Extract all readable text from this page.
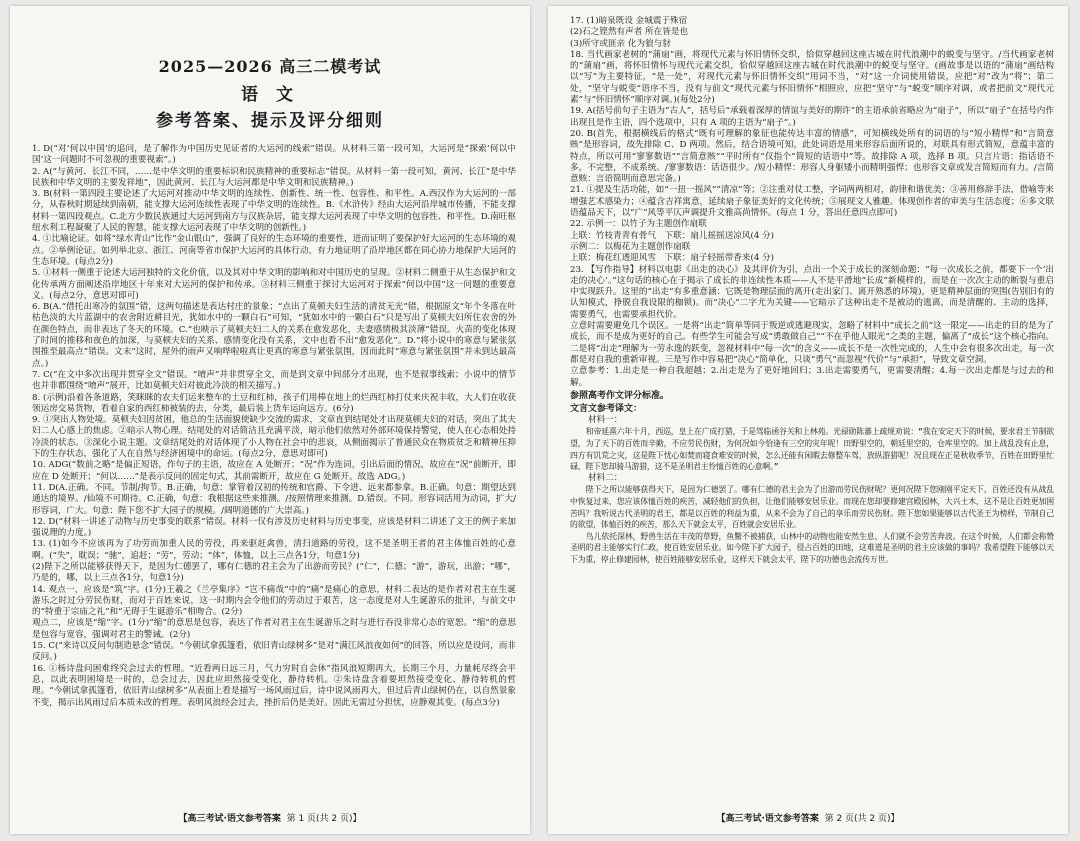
2025—2026 高三二模考试
语 文
参考答案、提示及评分细则

1. D(“对‘何以中国’的追问，是了解作为中国历史见证者的大运河的线索”错误。从材料三第一段可知，大运河是“探索‘何以中国’这一问题时不可忽视的重要视索”。)

2. A(“与黄河、长江不同，……是中华文明的重要标识和民族精神的重要标志”错误。从材料一第一段可知，黄河、长江“是中华民族和中华文明的主要发祥地”，因此黄河、长江与大运河都是中华文明和民族精神。)

3. B(材料一第四段主要论述了大运河对推动中华文明的连续性、创新性、统一性、包容性、和平性。A.西汉作为大运河的一部分，从春秋时期延续到南朝，能支撑大运河连续性表现了中华文明的连续性。B.《水浒传》经由大运河沿岸城市传播，不能支撑材料一第四段观点。C.北方少数民族通过大运河到南方与汉族杂居，能支撑大运河表现了中华文明的包容性、和平性。D.南旺枢纽水利工程凝聚了人民的智慧，能支撑大运河表现了中华文明的创新性。)

4. ①比喻论证。如将“绿水青山”比作“金山银山”，强调了良好的生态环境的重要性，进而证明了要保护好大运河的生态环境的观点。②举例论证。如列举北京、浙江、河南等省市保护大运河的具体行动，有力地证明了沿岸地区都在同心协力地保护大运河的生态环境。(每点2分)

5. ①材料一侧重于论述大运河独特的文化价值，以及其对中华文明的影响和对中国历史的呈现。②材料二侧重于从生态保护和文化传承两方面阐述沿岸地区十年来对大运河的保护和传承。③材料三侧重于探讨大运河对于探索“何以中国”这一问题的重要意义。(每点2分，意思对即可)

6. B(A.“借托出寒冷的氛围”错，这两句描述是表达村庄的景象；“点出了莫顿夫妇生活的清贫无光”错，根据原文“年个冬落在叶枯色淡的大片蓝湖中的农舍附近耕目光，犹如水中的一颗白石”可知，“犹如水中的一颗白石”只是写出了莫顿夫妇所住农舍的外在颜色特点，而非表达了冬天的环境。C.“也映示了莫顿夫妇二人的关系在愈发恶化，夫妻感情极其淡薄”错误。火苗的变化体现了时间的推移和夜色的加深，与莫顿夫妇的关系、感情变化没有关系，文中也看不出“愈发恶化”。D.“将小说中的寒意与紧张氛围推至最高点”错误。文末“这时，屋外的雨声又响哗啦啦真让更真的寒意与紧张氛围，因而此时“寒意与紧张氛围”并未到达最高点。)

7. C(“在文中多次出现并贯穿全文”错误。“唷声”并非贯穿全文，而是到文章中间部分才出现，也不是叙事线索；小说中的情节也并非都围绕“唷声”展开，比如莫顿夫妇对彼此冷淡的相关描写。)

8. (示例)沿着各条道路，笑眯眯的农夫们运来整车的土豆和红柿，孩子们用棒在地上的烂西红柿打仗来庆祝丰收，大人们在收获领运房交易货物，看着自家的西红柿被装的去，分类，最后装上货车运向远方。(6分)

9. ①突出人物处境。莫顿夫妇因贫困，他总的生活面貌使缺少交流的需求，文章直到结尾处才出现莫顿夫妇的对话，突出了其夫妇二人心感上的焦虑。②暗示人物心理。结尾处的对话简洁且充满平淡，暗示他们依然对外部环境保持警觉，使人在心态相处持冷淡的状态。③深化小说主题。文章结尾处的对话体现了小人物在社会中的悲哀，从侧面揭示了普通民众在物质贫乏和精神压抑下的生存状态，强化了人在自然与经济困境中的命运。(每点2分，意思对即可)

10. ADG(“数前之略”是偏正短语，作句子的主语，故应在 A 处断开；“况”作为连词，引出后面的情况，故应在“况”前断开，即应在 D 处断开；“何以……”是表示反问的固定句式，其前需断开，故应在 G 处断开。故选 ADG。)

11. D(A.正确。不同。节制/拘节。B.正确，句意：掌管着汉初的传统和官爵、下令进、远来都参拿。B.正确。句意：期望达到通达的境界。/仙境不可期待。C.正确，句意：我根据这些来推测。/按照情理来推测。D.错误。不同。形容词活用为动词，扩大/形容词，广大。句意：陛下您不扩大园子的规模。/阔明道德的广大崇高。)

12. D(“材料一讲述了动物与历史事变的联系”错误。材料一仅有涉及历史材料与历史事变，应该是材料二讲述了文王的例子来加强说理的力度。)

13. (1)如今不应该再为了功劳而加重人民的劳役，再来驱赶禽兽，清扫道路的劳役，这不是圣明王者的君主体恤百姓的心意啊。(“失”，耽误；“驰”，追赶；“劳”，劳动；“体”，体恤，以上三点各1分，句意1分)
(2)陛下之所以能够获得天下，是因为仁德罢了，哪有仁德的君主会为了出游而劳民？(“仁”，仁德；“游”，游玩，出游；“哪”，乃是的，哪，以上三点各1分，句意1分)

14. 观点一，应该是“筑”字。(1分)王羲之《兰亭集序》“岂不痛哉”中的“痛”是痛心的意思，材料二表达的是作者对君主在生诞游乐之时过分劳民伤财，而对于百姓来说，这一时期内会令他们的劳动过于艰苦，这一态度是对人生诞游乐的批评，与前文中的“特重于宗庙之礼”和“无碍于生诞游乐”相吻合。(2分)
观点二，应该是“缩”字。(1分)“缩”的意思是包容，表达了作者对君主在生诞游乐之时与进行吞没非常心态的宽恕。“缩”的意思是包容与宽容，强调对君主的警诫。(2分)

15. C(“来诗以反问句制造悬念”错误。“今朝试拿孤篷看，依旧青山绿树多”是对“满江风浪夜如何”的回答，所以应是设问，而非反问。)

16. ①杨诗盘问困难终究会过去的哲理。“近看两日远三月，气力穷时自会休”指风浪短期再大，长期三个月，力量耗尽终会平息，以此表明困境是一时的，总会过去，因此应坦然接受变化，静待转机。②朱诗盘含着要坦然接受变化、静待转机的哲理。“今朝试拿孤篷看，依旧青山绿树多”从表面上看是描写一场风雨过后，诗中说风雨再大，但过后青山绿树仍在，以自然景象不变，揭示出风雨过后本质未改的哲理。表明风浪经会过去，挫折后仍是美好。因此无需过分担忧，应静观其变。(每点3分)

【高三考试·语文参考答案 第 1 页(共 2 页)】

17. (1)暗泉既设 金城震于殊宿
(2)石之铿然有声者 所在皆是也
(3)所守或匪亲 化为狼与豺

18. 当代画家老树的“蒲扇”画，将现代元素与怀旧情怀交织，恰似穿越回这座古城在时代浪潮中的蜕变与坚守。/当代画家老树的“蒲扇”画，将怀旧情怀与现代元素交织，恰似穿越回这座古城在时代浪潮中的蜕变与坚守。(画故事是以语的“蒲扇”画结构以“写”为主要特征，“是一处”，对现代元素与怀旧情怀交织”用词不当，“对”这一介词使用错误，应把“对”改为“将”；第二处，“坚守与蜕变”语序不当，没有与前文“现代元素与怀旧情怀”相照应，应把“坚守”与“蜕变”顺序对调，或者把前文“现代元素”与“怀旧情怀”顺序对调。)(每处2分)

19. A(括号前句子主语为“古人”，括号后“承载着深厚的情谊与美好的期许”的主语承前省略应为“扇子”，所以“扇子”在括号内作出现且是作主语，四个选项中，只有 A 项的主语为“扇子”。)

20. B(首先，根据横线后的格式“既有可理解的象征也能传达丰富的情感”，可知横线处所有的词语的与“短小精悍”和“言简意赅”是形容词，故先排除 C、D 两项。然后，结合语境可知，此处词语是用来形容后面所说的，对联具有形式简短，意蕴丰富的特点，所以可用“寥寥数语”“言简意赅”“平时所有”仅指个“简短的话语中”等。故排除 A 项，选择 B 项。只言片语：指话语不多，不完整，不成系统。/寥寥数语：话语很少。/短小精悍：形容人身躯矮小而精明强悍；也形容文章或发言简短而有力。/言简意赅：言语简明而意思完备。)

21. ①提及生活功能，如“一扭一摇风”“清凉”等；②注重对仗工整，字词两两相对，韵律和谐优美；③善用修辞手法，借喻等来增强艺术感染力；④蕴含吉祥寓意，延续扇子象征美好的文化传统；⑤展现文人雅趣。体现创作者的审美与生活态度；⑥多文联语蕴品天下，以“广”风等平仄声调提升文雅高尚情怀。(每点 1 分，答出任意四点即可)

22. 示例一：以竹子为主题创作扇联
上联：竹枝青青有骨气　下联：扇儿摇摇送凉风(4 分)
示例二：以梅花为主题创作扇联
上联：梅花红透迎风雪　下联：扇子轻摇带香来(4 分)

23. 【写作指导】材料以电影《出走的决心》及其评价为引，点出一个关于成长的深刻命题：“每一次成长之前，都要下一个‘出走的决心’。”这句话的核心在于揭示了成长的非连续性本质——人不是平滑地“长成”新模样的，而是在一次次主动的断裂与重启中实现跃升。这里的“出走”有多重意涵：它既是物理层面的离开(走出家门、离开熟悉的环境)，更是精神层面的突围(告别旧有的认知模式，挣脱自我设限的枷锁)。而“决心”二字尤为关键——它暗示了这种出走不是被动的逃离，而是清醒的、主动的选择，需要勇气，也需要承担代价。
立意时需要避免几个误区。一是将“出走”简单等同于叛逆或逃避现实，忽略了材料中“成长之前”这一限定——出走的目的是为了成长，而不是成为更好的自己。有些学生可能会写成“勇敢做自己”“不在乎他人眼光”之类的主题，偏离了“成长”这个核心指向。二是将“出走”理解为一劳永逸的跃变，忽视材料中“每一次”的含义——成长不是一次性完成的，人生中会有很多次出走，每一次都是对自我的重新审视。三是写作中容易把“决心”简单化，只谈“勇气”而忽视“代价”与“承担”，导致文章空洞。
立意参考：1.出走是一种自我超越；2.出走是为了更好地回归；3.出走需要勇气，更需要清醒；4.每一次出走都是与过去的和解。

参照高考作文评分标准。

文言文参考译文：

材料一：

和帝延熹六年十月，西巡，皇上在广成打猎，于是驾临函谷关和上林苑。光禄勋陈蕃上疏规劝说：“我在安定天下的时候，要求君王节制欲望，为了天下的百姓而辛勤，不应劳民伤财，为何况如今恰逢有三空的灾年呢！田野里空的，朝廷里空的，仓库里空的。加上战乱没有止息，四方有饥荒之灾，这是陛下忧心如焚而寝食难安的时候，怎么还能有闲暇去修整车驾，放纵游猎呢！况且现在正是秋收季节，百姓在田野里忙碌，陛下您却骑马游猎，这不是圣明君主怜恤百姓的心意啊。”

材料二：

陛下之所以能够获得天下，是因为仁德罢了。哪有仁德的君主会为了出游而劳民伤财呢？更何况陛下您刚刚平定天下，百姓还没有从战乱中恢复过来，您应该体恤百姓的疾苦，减轻他们的负担，让他们能够安居乐业。而现在您却要修建宫殿园林，大兴土木，这不是让百姓更加困苦吗？我听说古代圣明的君王，都是以百姓的利益为重，从来不会为了自己的享乐而劳民伤财。陛下您如果能够以古代圣王为榜样，节制自己的欲望，体恤百姓的疾苦，那么天下就会太平，百姓就会安居乐业。

鸟儿依托深林，野兽生活在丰茂的草野，鱼鳖不被捕获，山林中的动物也能安然生息，人们就不会劳苦奔波。在这个时候，人们都会称赞圣明的君主能够实行仁政，使百姓安居乐业。如今陛下扩大园子，侵占百姓的田地，这难道是圣明的君主应该做的事吗？我希望陛下能够以天下为重，停止修建园林，使百姓能够安居乐业，这样天下就会太平，陛下的功德也会流传万世。

【高三考试·语文参考答案 第 2 页(共 2 页)】
